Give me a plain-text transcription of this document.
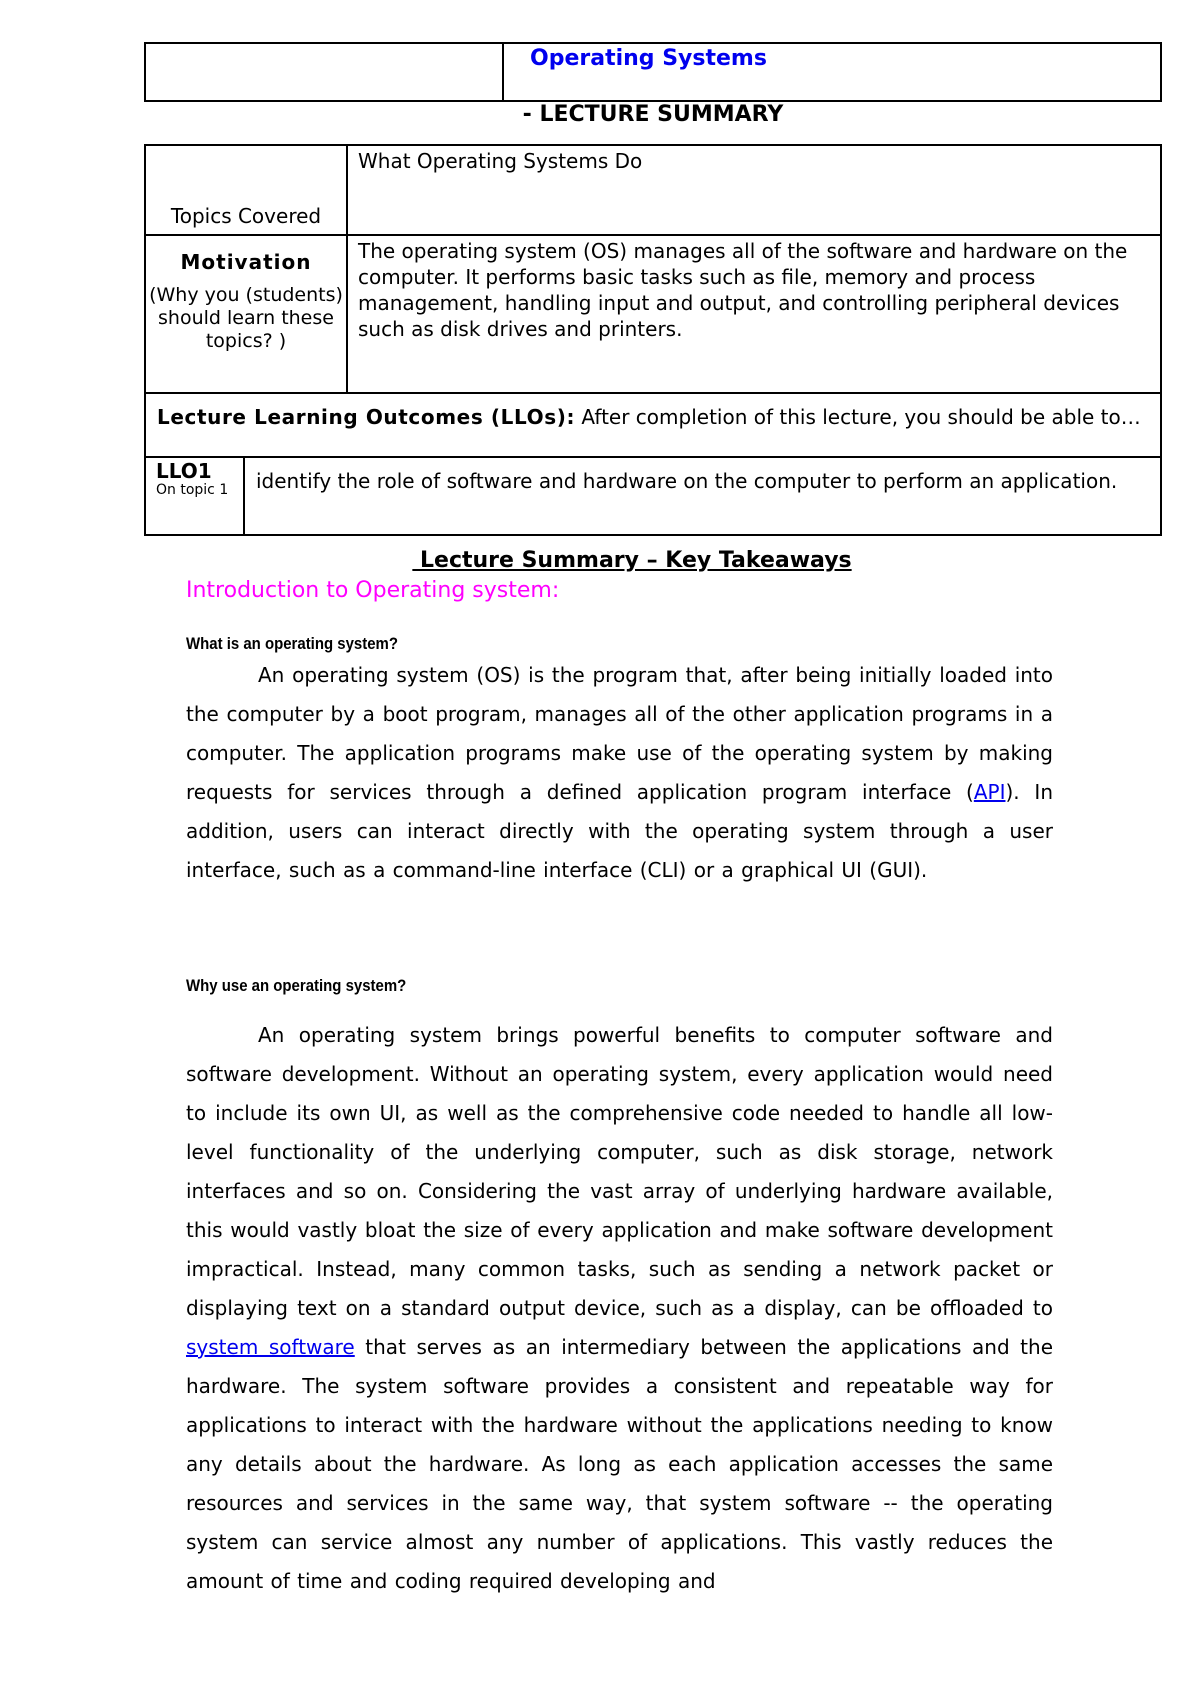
Operating Systems
- LECTURE SUMMARY
Topics Covered
What Operating Systems Do
Motivation
(Why you (students) should learn these topics? )
The operating system (OS) manages all of the software and hardware on the computer. It performs basic tasks such as file, memory and process management, handling input and output, and controlling peripheral devices such as disk drives and printers.
Lecture Learning Outcomes (LLOs): After completion of this lecture, you should be able to…
LLO1
On topic 1	identify the role of software and hardware on the computer to perform an application.
Lecture Summary – Key Takeaways
Introduction to Operating system:
What is an operating system?
An operating system (OS) is the program that, after being initially loaded into the computer by a boot program, manages all of the other application programs in a computer. The application programs make use of the operating system by making requests for services through a defined application program interface (API). In addition, users can interact directly with the operating system through a user interface, such as a command-line interface (CLI) or a graphical UI (GUI).
Why use an operating system?
An operating system brings powerful benefits to computer software and software development. Without an operating system, every application would need to include its own UI, as well as the comprehensive code needed to handle all low-level functionality of the underlying computer, such as disk storage, network interfaces and so on. Considering the vast array of underlying hardware available, this would vastly bloat the size of every application and make software development impractical. Instead, many common tasks, such as sending a network packet or displaying text on a standard output device, such as a display, can be offloaded to system software that serves as an intermediary between the applications and the hardware. The system software provides a consistent and repeatable way for applications to interact with the hardware without the applications needing to know any details about the hardware. As long as each application accesses the same resources and services in the same way, that system software -- the operating system can service almost any number of applications. This vastly reduces the amount of time and coding required developing and
